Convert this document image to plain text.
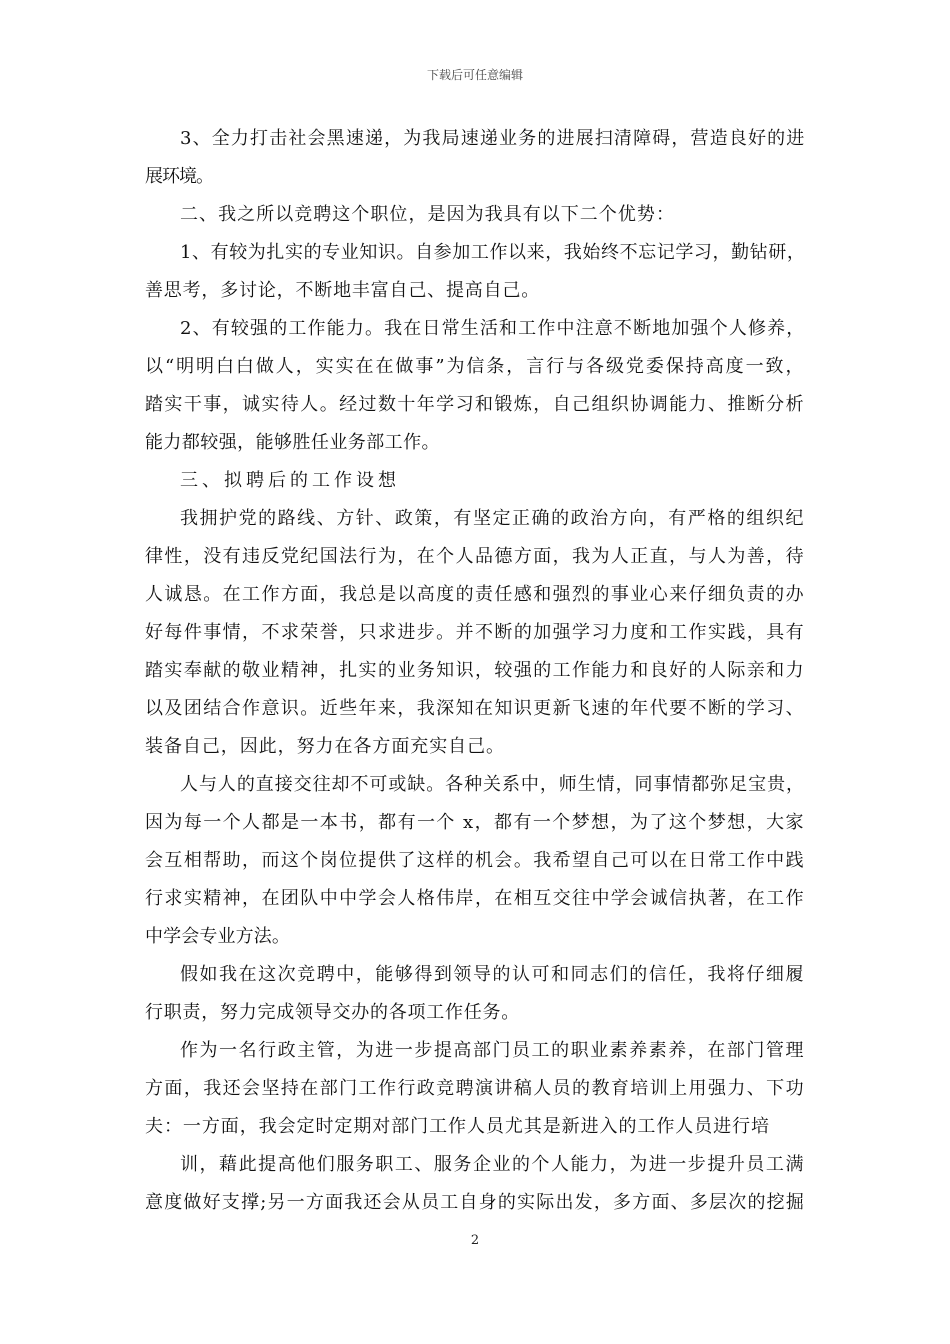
下载后可任意编辑
3、全力打击社会黑速递，为我局速递业务的进展扫清障碍，营造良好的进
展环境。
二、我之所以竞聘这个职位，是因为我具有以下二个优势：
1、有较为扎实的专业知识。自参加工作以来，我始终不忘记学习，勤钻研，
善思考，多讨论，不断地丰富自己、提高自己。
2、有较强的工作能力。我在日常生活和工作中注意不断地加强个人修养，
以“明明白白做人，实实在在做事”为信条，言行与各级党委保持高度一致，
踏实干事，诚实待人。经过数十年学习和锻炼，自己组织协调能力、推断分析
能力都较强，能够胜任业务部工作。
三、拟聘后的工作设想
我拥护党的路线、方针、政策，有坚定正确的政治方向，有严格的组织纪
律性，没有违反党纪国法行为，在个人品德方面，我为人正直，与人为善，待
人诚恳。在工作方面，我总是以高度的责任感和强烈的事业心来仔细负责的办
好每件事情，不求荣誉，只求进步。并不断的加强学习力度和工作实践，具有
踏实奉献的敬业精神，扎实的业务知识，较强的工作能力和良好的人际亲和力
以及团结合作意识。近些年来，我深知在知识更新飞速的年代要不断的学习、
装备自己，因此，努力在各方面充实自己。
人与人的直接交往却不可或缺。各种关系中，师生情，同事情都弥足宝贵，
因为每一个人都是一本书，都有一个 x，都有一个梦想，为了这个梦想，大家
会互相帮助，而这个岗位提供了这样的机会。我希望自己可以在日常工作中践
行求实精神，在团队中中学会人格伟岸，在相互交往中学会诚信执著，在工作
中学会专业方法。
假如我在这次竞聘中，能够得到领导的认可和同志们的信任，我将仔细履
行职责，努力完成领导交办的各项工作任务。
作为一名行政主管，为进一步提高部门员工的职业素养素养，在部门管理
方面，我还会坚持在部门工作行政竞聘演讲稿人员的教育培训上用强力、下功
夫：一方面，我会定时定期对部门工作人员尤其是新进入的工作人员进行培
训，藉此提高他们服务职工、服务企业的个人能力，为进一步提升员工满
意度做好支撑;另一方面我还会从员工自身的实际出发，多方面、多层次的挖掘
2
